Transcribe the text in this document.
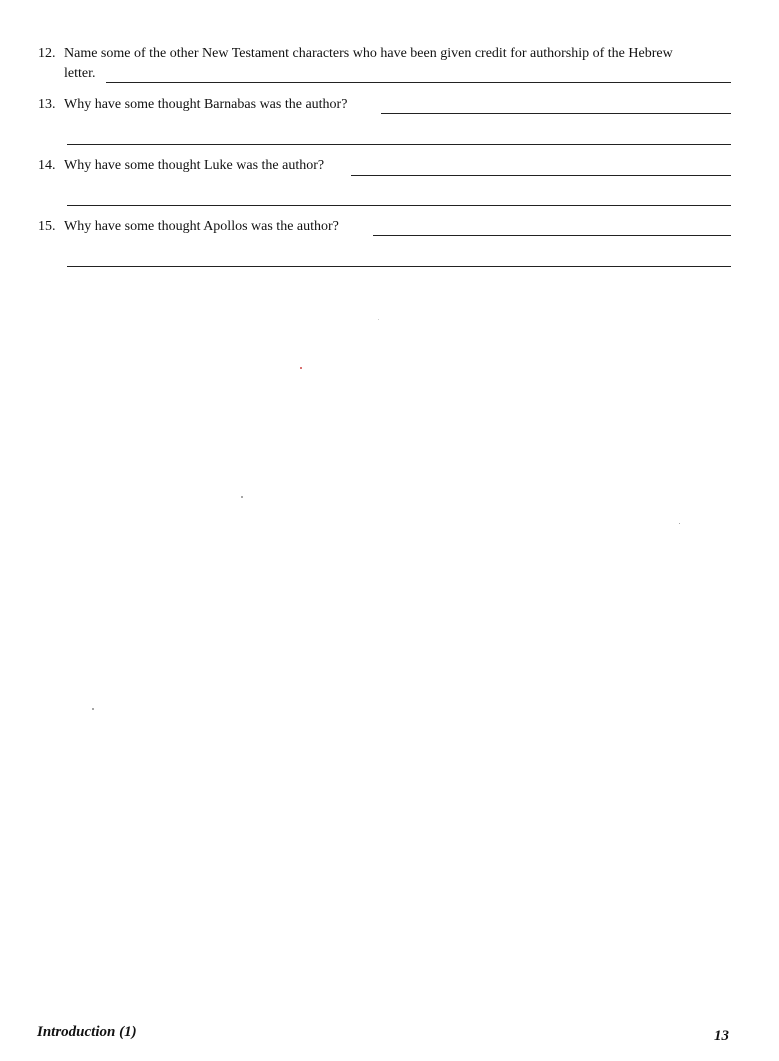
12. Name some of the other New Testament characters who have been given credit for authorship of the Hebrew
letter.
13. Why have some thought Barnabas was the author?
14. Why have some thought Luke was the author?
15. Why have some thought Apollos was the author?
Introduction (1)	13
